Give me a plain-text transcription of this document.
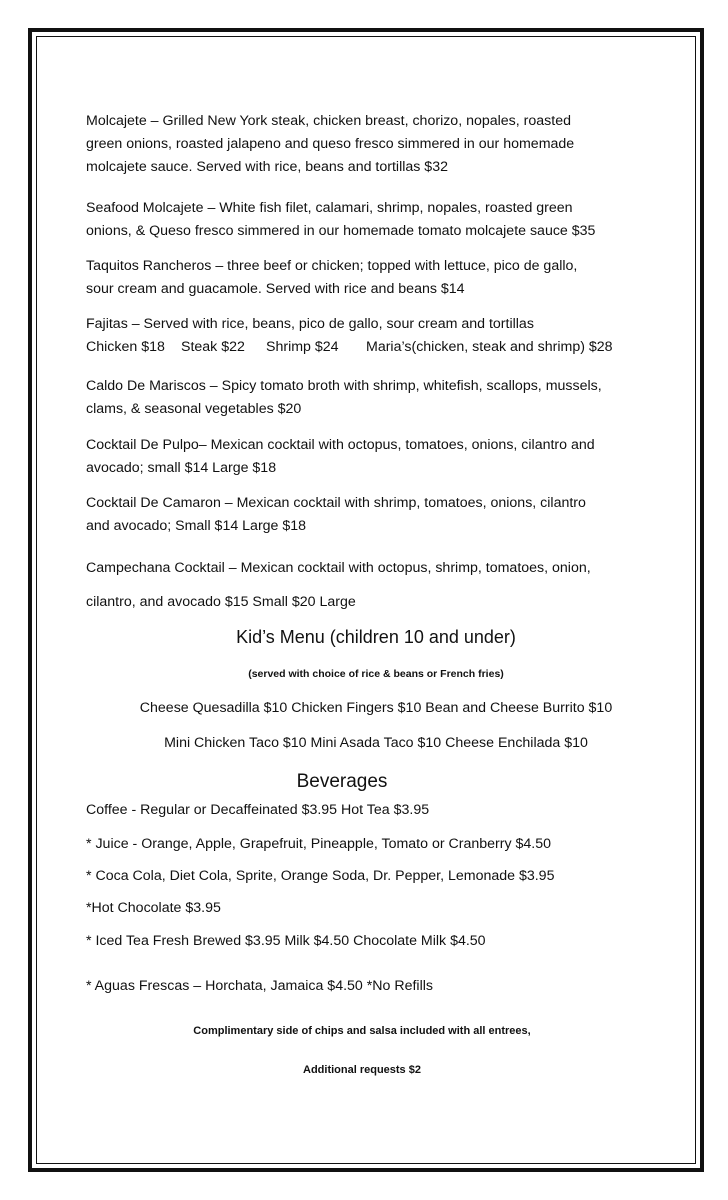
Molcajete – Grilled New York steak, chicken breast, chorizo, nopales, roasted
green onions, roasted jalapeno and queso fresco simmered in our homemade
molcajete sauce. Served with rice, beans and tortillas $32
Seafood Molcajete – White fish filet, calamari, shrimp, nopales, roasted green
onions, & Queso fresco simmered in our homemade tomato molcajete sauce $35
Taquitos Rancheros – three beef or chicken; topped with lettuce, pico de gallo,
sour cream and guacamole. Served with rice and beans $14
Fajitas – Served with rice, beans, pico de gallo, sour cream and tortillas
Chicken $18	Steak $22	Shrimp $24	Maria’s(chicken, steak and shrimp) $28
Caldo De Mariscos – Spicy tomato broth with shrimp, whitefish, scallops, mussels,
clams, & seasonal vegetables $20
Cocktail De Pulpo– Mexican cocktail with octopus, tomatoes, onions, cilantro and
avocado; small $14 Large $18
Cocktail De Camaron – Mexican cocktail with shrimp, tomatoes, onions, cilantro
and avocado; Small $14 Large $18
Campechana Cocktail – Mexican cocktail with octopus, shrimp, tomatoes, onion,
cilantro, and avocado $15 Small $20 Large
Kid’s Menu (children 10 and under)
(served with choice of rice & beans or French fries)
Cheese Quesadilla $10 Chicken Fingers $10 Bean and Cheese Burrito $10
Mini Chicken Taco $10 Mini Asada Taco $10 Cheese Enchilada $10
Beverages
Coffee - Regular or Decaffeinated $3.95 Hot Tea $3.95
* Juice - Orange, Apple, Grapefruit, Pineapple, Tomato or Cranberry $4.50
* Coca Cola, Diet Cola, Sprite, Orange Soda, Dr. Pepper, Lemonade $3.95
*Hot Chocolate $3.95
* Iced Tea Fresh Brewed $3.95 Milk $4.50 Chocolate Milk $4.50
* Aguas Frescas – Horchata, Jamaica $4.50 *No Refills
Complimentary side of chips and salsa included with all entrees,
Additional requests $2
